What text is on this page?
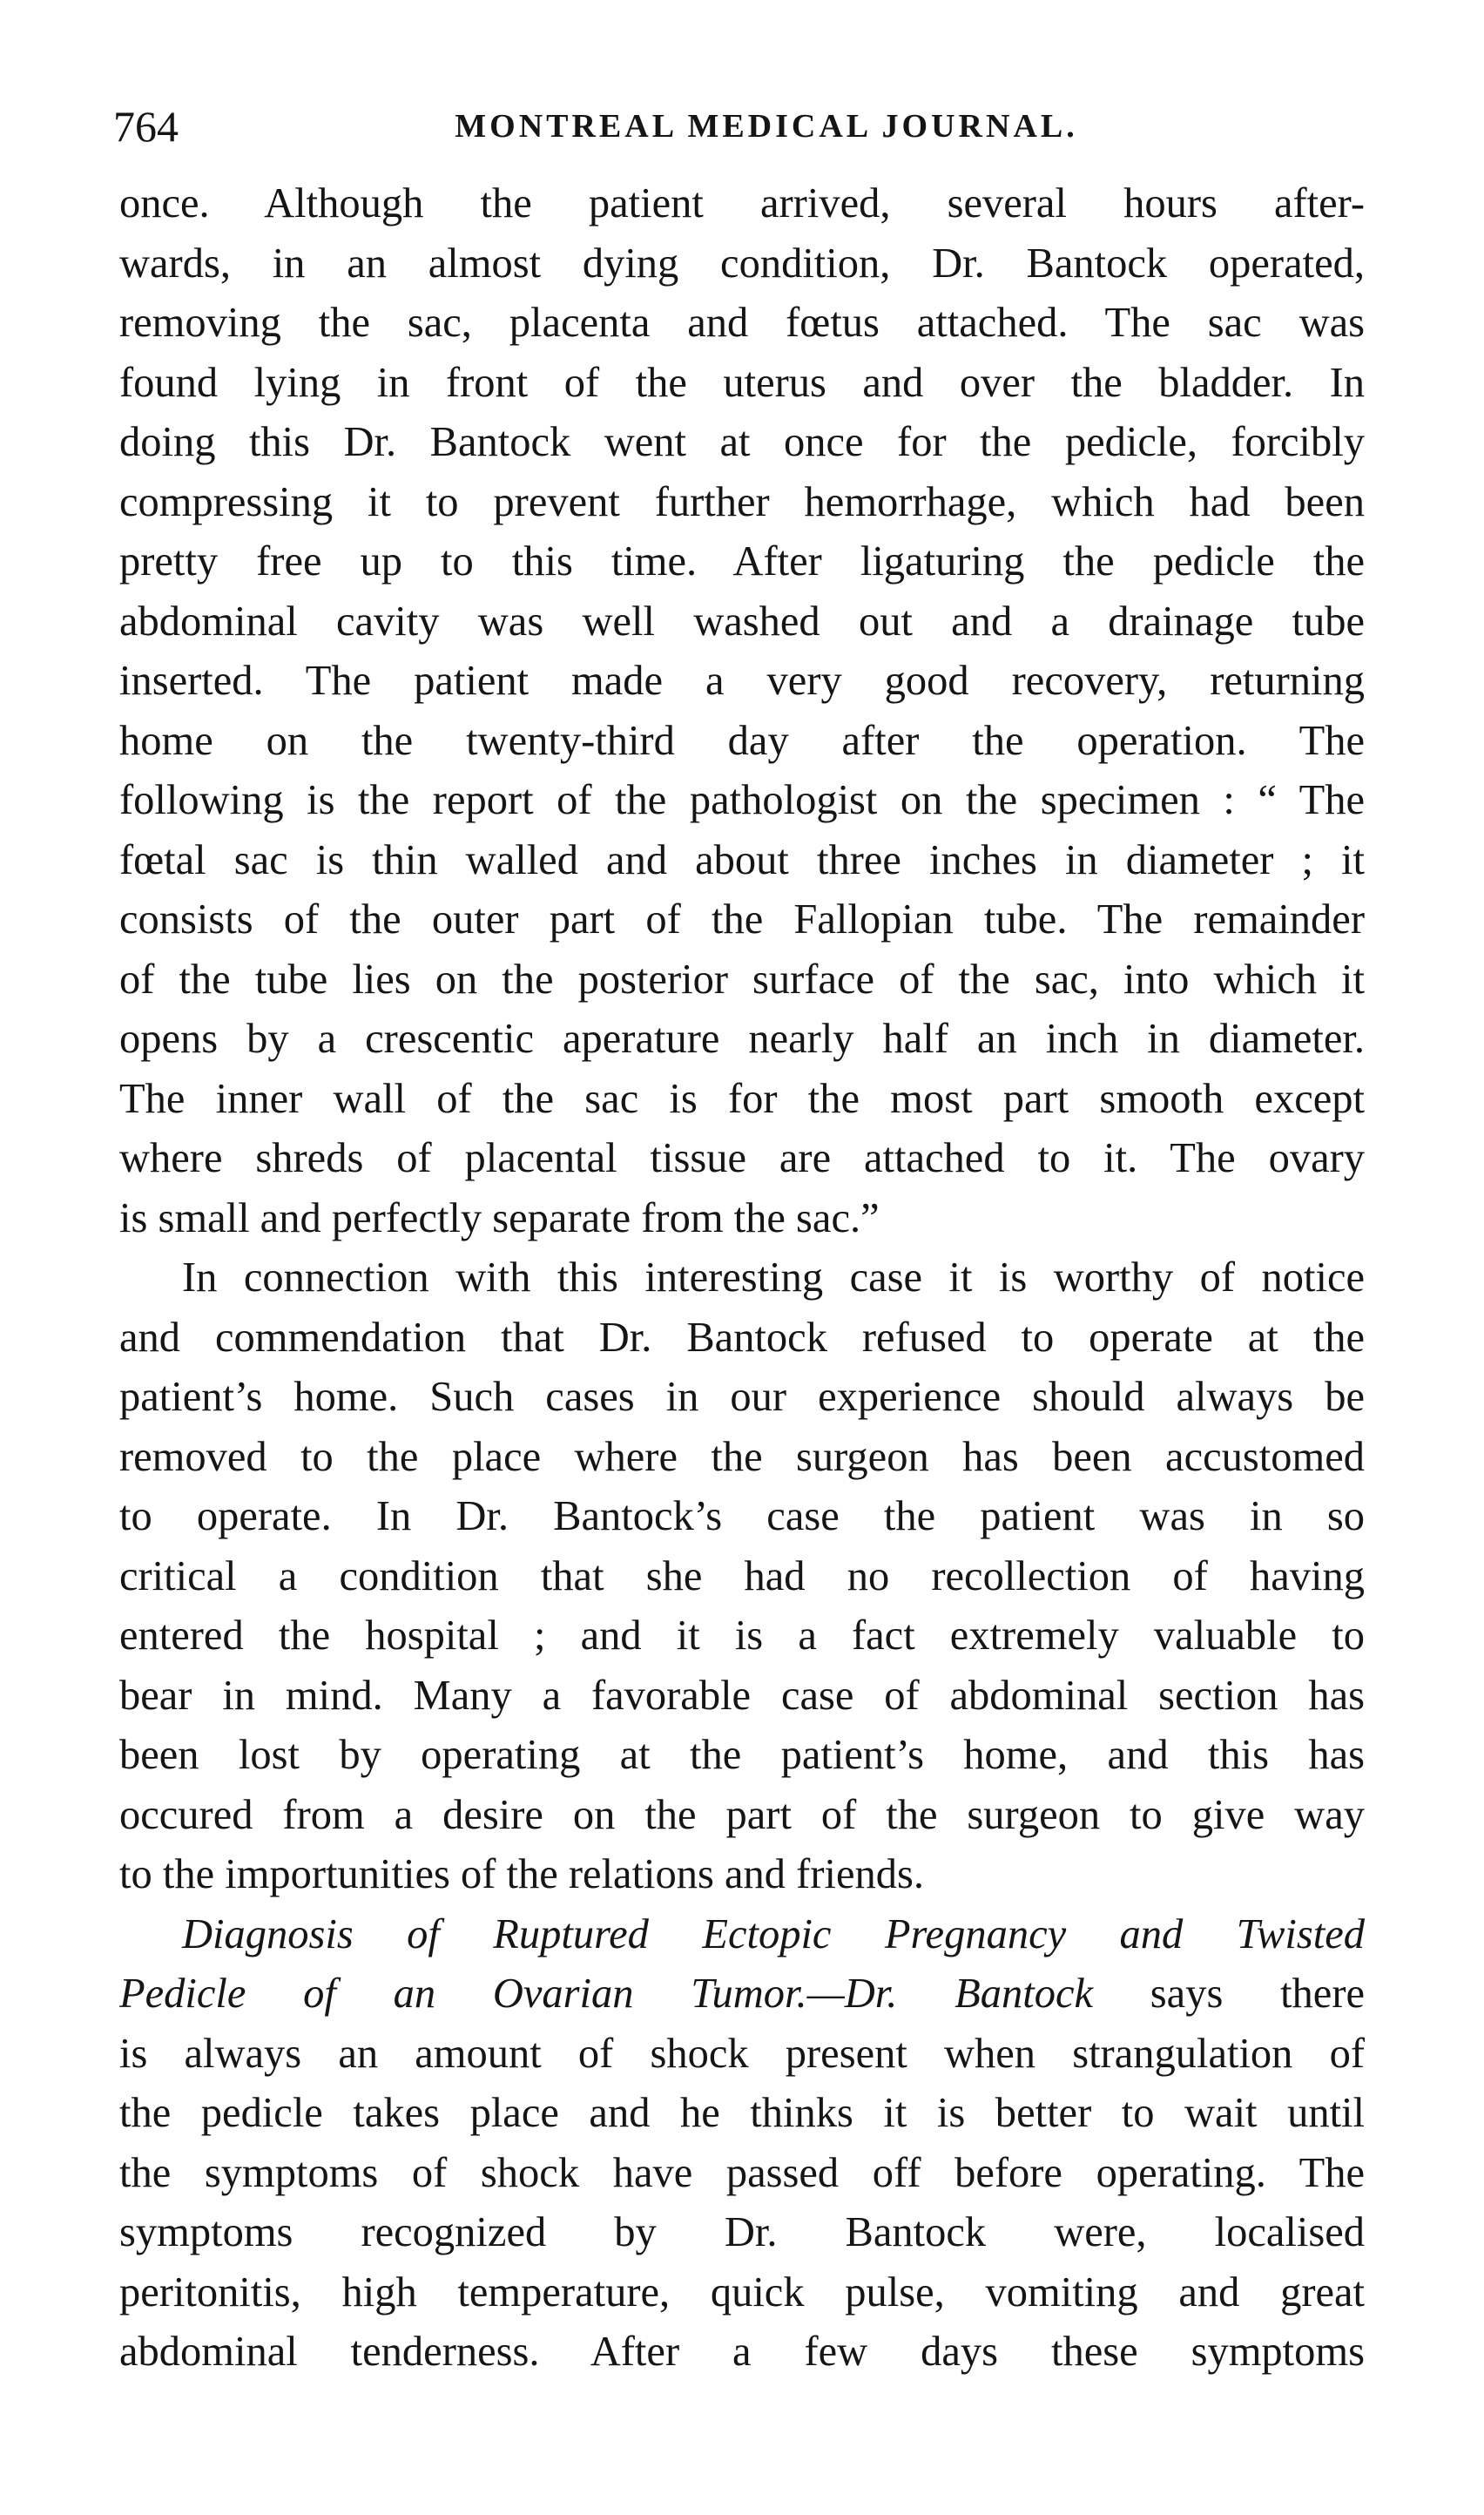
764	MONTREAL MEDICAL JOURNAL.
once. Although the patient arrived, several hours after-
wards, in an almost dying condition, Dr. Bantock operated,
removing the sac, placenta and fœtus attached. The sac was
found lying in front of the uterus and over the bladder. In
doing this Dr. Bantock went at once for the pedicle, forcibly
compressing it to prevent further hemorrhage, which had been
pretty free up to this time. After ligaturing the pedicle the
abdominal cavity was well washed out and a drainage tube
inserted. The patient made a very good recovery, returning
home on the twenty-third day after the operation. The
following is the report of the pathologist on the specimen : “ The
fœtal sac is thin walled and about three inches in diameter ; it
consists of the outer part of the Fallopian tube. The remainder
of the tube lies on the posterior surface of the sac, into which it
opens by a crescentic aperature nearly half an inch in diameter.
The inner wall of the sac is for the most part smooth except
where shreds of placental tissue are attached to it. The ovary
is small and perfectly separate from the sac.”
In connection with this interesting case it is worthy of notice
and commendation that Dr. Bantock refused to operate at the
patient’s home. Such cases in our experience should always be
removed to the place where the surgeon has been accustomed
to operate. In Dr. Bantock’s case the patient was in so
critical a condition that she had no recollection of having
entered the hospital ; and it is a fact extremely valuable to
bear in mind. Many a favorable case of abdominal section has
been lost by operating at the patient’s home, and this has
occured from a desire on the part of the surgeon to give way
to the importunities of the relations and friends.
Diagnosis of Ruptured Ectopic Pregnancy and Twisted
Pedicle of an Ovarian Tumor.—Dr. Bantock says there
is always an amount of shock present when strangulation of
the pedicle takes place and he thinks it is better to wait until
the symptoms of shock have passed off before operating. The
symptoms recognized by Dr. Bantock were, localised
peritonitis, high temperature, quick pulse, vomiting and great
abdominal tenderness. After a few days these symptoms
